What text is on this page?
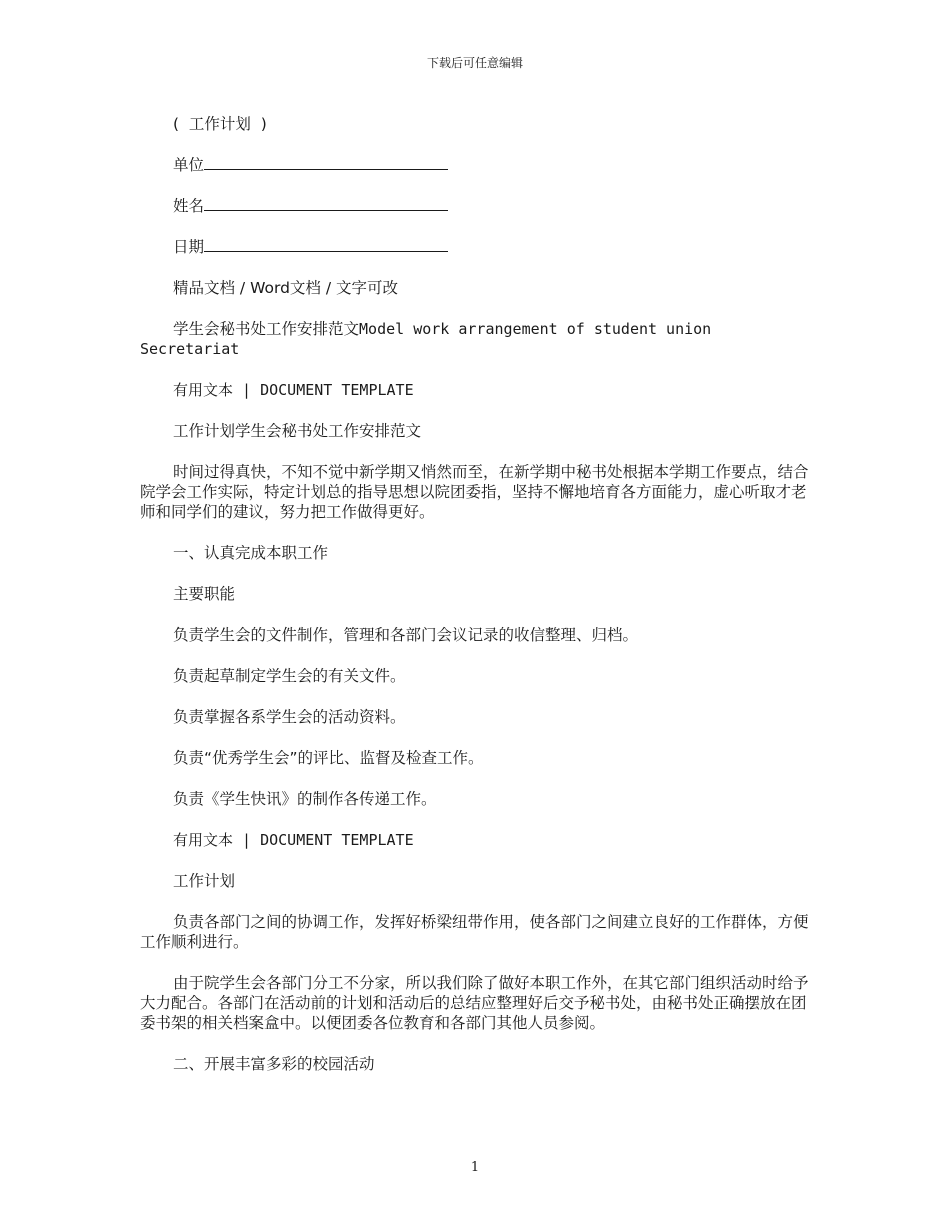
下载后可任意编辑

(  工作计划  )

单位

姓名

日期

精品文档 / Word文档 / 文字可改

学生会秘书处工作安排范文Model work arrangement of student union Secretariat

有用文本 | DOCUMENT TEMPLATE

工作计划学生会秘书处工作安排范文

时间过得真快，不知不觉中新学期又悄然而至，在新学期中秘书处根据本学期工作要点，结合院学会工作实际，特定计划总的指导思想以院团委指，坚持不懈地培育各方面能力，虚心听取才老师和同学们的建议，努力把工作做得更好。

一、认真完成本职工作

主要职能

负责学生会的文件制作，管理和各部门会议记录的收信整理、归档。

负责起草制定学生会的有关文件。

负责掌握各系学生会的活动资料。

负责“优秀学生会”的评比、监督及检查工作。

负责《学生快讯》的制作各传递工作。

有用文本 | DOCUMENT TEMPLATE

工作计划

负责各部门之间的协调工作，发挥好桥梁纽带作用，使各部门之间建立良好的工作群体，方便工作顺利进行。

由于院学生会各部门分工不分家，所以我们除了做好本职工作外，在其它部门组织活动时给予大力配合。各部门在活动前的计划和活动后的总结应整理好后交予秘书处，由秘书处正确摆放在团委书架的相关档案盒中。以便团委各位教育和各部门其他人员参阅。

二、开展丰富多彩的校园活动

1
